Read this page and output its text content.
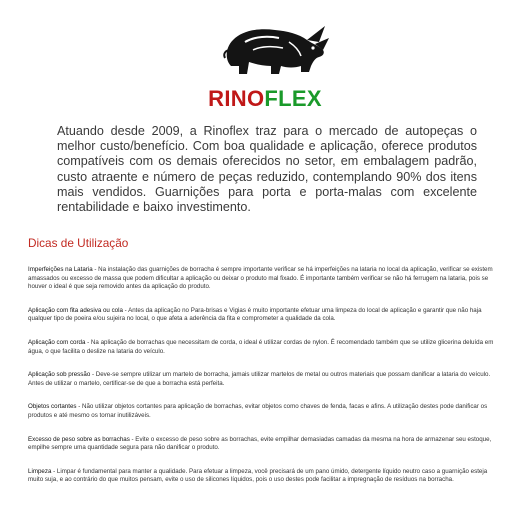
RINOFLEX

Atuando desde 2009, a Rinoflex traz para o mercado de autopeças o melhor custo/benefício. Com boa qualidade e aplicação, oferece produtos compatíveis com os demais oferecidos no setor, em embalagem padrão, custo atraente e número de peças reduzido, contemplando 90% dos itens mais vendidos. Guarnições para porta e porta-malas com excelente rentabilidade e baixo investimento.

Dicas de Utilização

Imperfeições na Lataria - Na instalação das guarnições de borracha é sempre importante verificar se há imperfeições na lataria no local da aplicação, verificar se existem amassados ou excesso de massa que podem dificultar a aplicação ou deixar o produto mal fixado. É importante também verificar se não há ferrugem na lataria, pois se houver o ideal é que seja removido antes da aplicação do produto.

Aplicação com fita adesiva ou cola - Antes da aplicação no Para-brisas e Vigias é muito importante efetuar uma limpeza do local de aplicação e garantir que não haja qualquer tipo de poeira e/ou sujeira no local, o que afeta a aderência da fita e comprometer a qualidade da cola.

Aplicação com corda - Na aplicação de borrachas que necessitam de corda, o ideal é utilizar cordas de nylon. É recomendado também que se utilize glicerina deluída em água, o que facilita o deslize na lataria do veículo.

Aplicação sob pressão - Deve-se sempre utilizar um martelo de borracha, jamais utilizar martelos de metal ou outros materiais que possam danificar a lataria do veículo. Antes de utilizar o martelo, certificar-se de que a borracha está perfeita.

Objetos cortantes - Não utilizar objetos cortantes para aplicação de borrachas, evitar objetos como chaves de fenda, facas e afins. A utilização destes pode danificar os produtos e até mesmo os tornar inutilizáveis.

Excesso de peso sobre as borrachas - Evite o excesso de peso sobre as borrachas, evite empilhar demasiadas camadas da mesma na hora de armazenar seu estoque, empilhe sempre uma quantidade segura para não danificar o produto.

Limpeza - Limpar é fundamental para manter a qualidade. Para efetuar a limpeza, você precisará de um pano úmido, detergente líquido neutro caso a guarnição esteja muito suja, e ao contrário do que muitos pensam, evite o uso de silicones líquidos, pois o uso destes pode facilitar a impregnação de resíduos na borracha.
